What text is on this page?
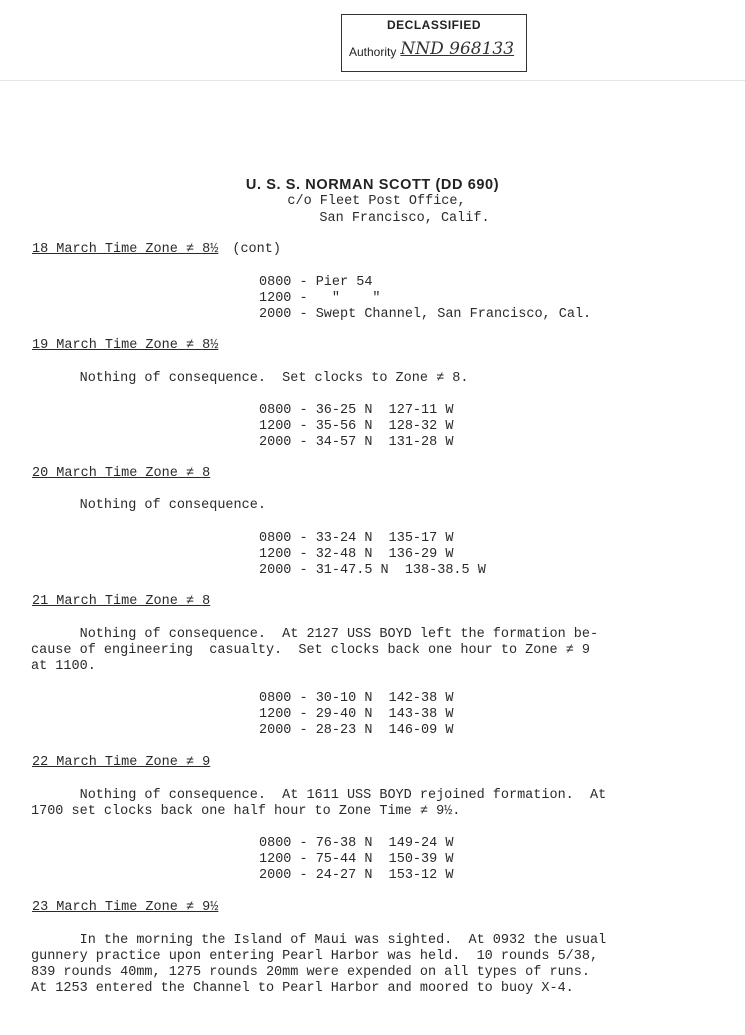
DECLASSIFIED
Authority NND 968133
U. S. S. NORMAN SCOTT (DD 690)
c/o Fleet Post Office,
San Francisco, Calif.
18 March Time Zone ≠ 8½ (cont)
0800 - Pier 54
1200 -   "    "
2000 - Swept Channel, San Francisco, Cal.
19 March Time Zone ≠ 8½
Nothing of consequence.  Set clocks to Zone ≠ 8.
0800 - 36-25 N  127-11 W
1200 - 35-56 N  128-32 W
2000 - 34-57 N  131-28 W
20 March Time Zone ≠ 8
Nothing of consequence.
0800 - 33-24 N  135-17 W
1200 - 32-48 N  136-29 W
2000 - 31-47.5 N  138-38.5 W
21 March Time Zone ≠ 8
Nothing of consequence.  At 2127 USS BOYD left the formation be-
cause of engineering  casualty.  Set clocks back one hour to Zone ≠ 9
at 1100.
0800 - 30-10 N  142-38 W
1200 - 29-40 N  143-38 W
2000 - 28-23 N  146-09 W
22 March Time Zone ≠ 9
Nothing of consequence.  At 1611 USS BOYD rejoined formation.  At
1700 set clocks back one half hour to Zone Time ≠ 9½.
0800 - 76-38 N  149-24 W
1200 - 75-44 N  150-39 W
2000 - 24-27 N  153-12 W
23 March Time Zone ≠ 9½
In the morning the Island of Maui was sighted.  At 0932 the usual
gunnery practice upon entering Pearl Harbor was held.  10 rounds 5/38,
839 rounds 40mm, 1275 rounds 20mm were expended on all types of runs.
At 1253 entered the Channel to Pearl Harbor and moored to buoy X-4.
